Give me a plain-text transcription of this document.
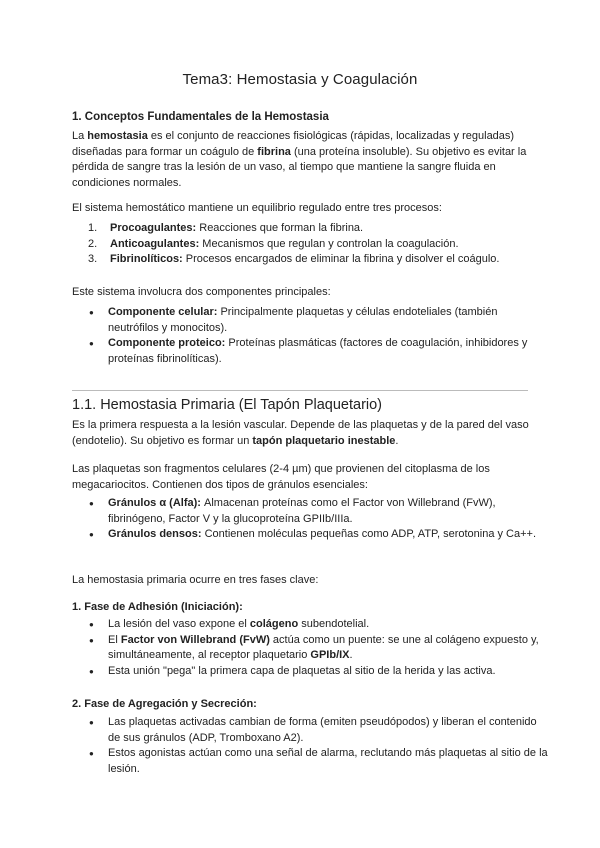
Tema3: Hemostasia y Coagulación
1. Conceptos Fundamentales de la Hemostasia

La hemostasia es el conjunto de reacciones fisiológicas (rápidas, localizadas y reguladas) diseñadas para formar un coágulo de fibrina (una proteína insoluble). Su objetivo es evitar la pérdida de sangre tras la lesión de un vaso, al tiempo que mantiene la sangre fluida en condiciones normales.

El sistema hemostático mantiene un equilibrio regulado entre tres procesos:

Procoagulantes: Reacciones que forman la fibrina.
Anticoagulantes: Mecanismos que regulan y controlan la coagulación.
Fibrinolíticos: Procesos encargados de eliminar la fibrina y disolver el coágulo.

Este sistema involucra dos componentes principales:

● Componente celular: Principalmente plaquetas y células endoteliales (también neutrófilos y monocitos).
● Componente proteico: Proteínas plasmáticas (factores de coagulación, inhibidores y proteínas fibrinolíticas).
1.1. Hemostasia Primaria (El Tapón Plaquetario)

Es la primera respuesta a la lesión vascular. Depende de las plaquetas y de la pared del vaso (endotelio). Su objetivo es formar un tapón plaquetario inestable.

Las plaquetas son fragmentos celulares (2-4 µm) que provienen del citoplasma de los megacariocitos. Contienen dos tipos de gránulos esenciales:

● Gránulos α (Alfa): Almacenan proteínas como el Factor von Willebrand (FvW), fibrinógeno, Factor V y la glucoproteína GPIIb/IIIa.
● Gránulos densos: Contienen moléculas pequeñas como ADP, ATP, serotonina y Ca++.

La hemostasia primaria ocurre en tres fases clave:

1. Fase de Adhesión (Iniciación):
● La lesión del vaso expone el colágeno subendotelial.
● El Factor von Willebrand (FvW) actúa como un puente: se une al colágeno expuesto y, simultáneamente, al receptor plaquetario GPIb/IX.
● Esta unión "pega" la primera capa de plaquetas al sitio de la herida y las activa.
2. Fase de Agregación y Secreción:
● Las plaquetas activadas cambian de forma (emiten pseudópodos) y liberan el contenido de sus gránulos (ADP, Tromboxano A2).
● Estos agonistas actúan como una señal de alarma, reclutando más plaquetas al sitio de la lesión.
